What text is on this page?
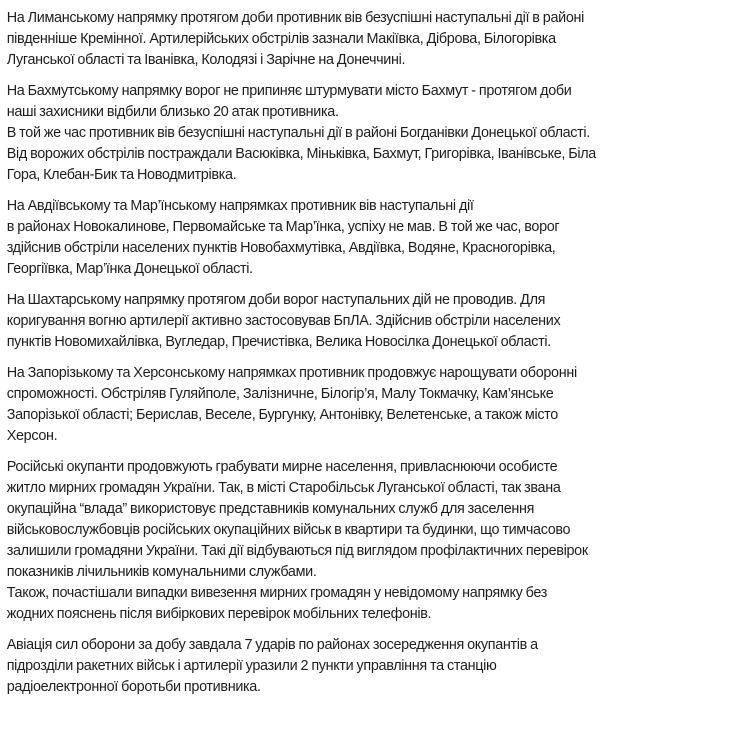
На Лиманському напрямку протягом доби противник вів безуспішні наступальні дії в районі
південніше Кремінної. Артилерійських обстрілів зазнали Макіївка, Діброва, Білогорівка
Луганської області та Іванівка, Колодязі і Зарічне на Донеччині.
На Бахмутському напрямку ворог не припиняє штурмувати місто Бахмут - протягом доби
наші захисники відбили близько 20 атак противника.
В той же час противник вів безуспішні наступальні дії в районі Богданівки Донецької області.
Від ворожих обстрілів постраждали Васюківка, Міньківка, Бахмут, Григорівка, Іванівське, Біла
Гора, Клебан-Бик та Новодмитрівка.
На Авдіївському та Мар’їнському напрямках противник вів наступальні дії
в районах Новокалинове, Первомайське та Мар’їнка, успіху не мав. В той же час, ворог
здійснив обстріли населених пунктів Новобахмутівка, Авдіївка, Водяне, Красногорівка,
Георгіївка, Мар’їнка Донецької області.
На Шахтарському напрямку протягом доби ворог наступальних дій не проводив. Для
коригування вогню артилерії активно застосовував БпЛА. Здійснив обстріли населених
пунктів Новомихайлівка, Вугледар, Пречистівка, Велика Новосілка Донецької області.
На Запорізькому та Херсонському напрямках противник продовжує нарощувати оборонні
спроможності. Обстріляв Гуляйполе, Залізничне, Білогір’я, Малу Токмачку, Кам’янське
Запорізької області; Берислав, Веселе, Бургунку, Антонівку, Велетенське, а також місто
Херсон.
Російські окупанти продовжують грабувати мирне населення, привласнюючи особисте
житло мирних громадян України. Так, в місті Старобільськ Луганської області, так звана
окупаційна “влада” використовує представників комунальних служб для заселення
військовослужбовців російських окупаційних військ в квартири та будинки, що тимчасово
залишили громадяни України. Такі дії відбуваються під виглядом профілактичних перевірок
показників лічильників комунальними службами.
Також, почастішали випадки вивезення мирних громадян у невідомому напрямку без
жодних пояснень після вибіркових перевірок мобільних телефонів.
Авіація сил оборони за добу завдала 7 ударів по районах зосередження окупантів а
підрозділи ракетних військ і артилерії уразили 2 пункти управління та станцію
радіоелектронної боротьби противника.
